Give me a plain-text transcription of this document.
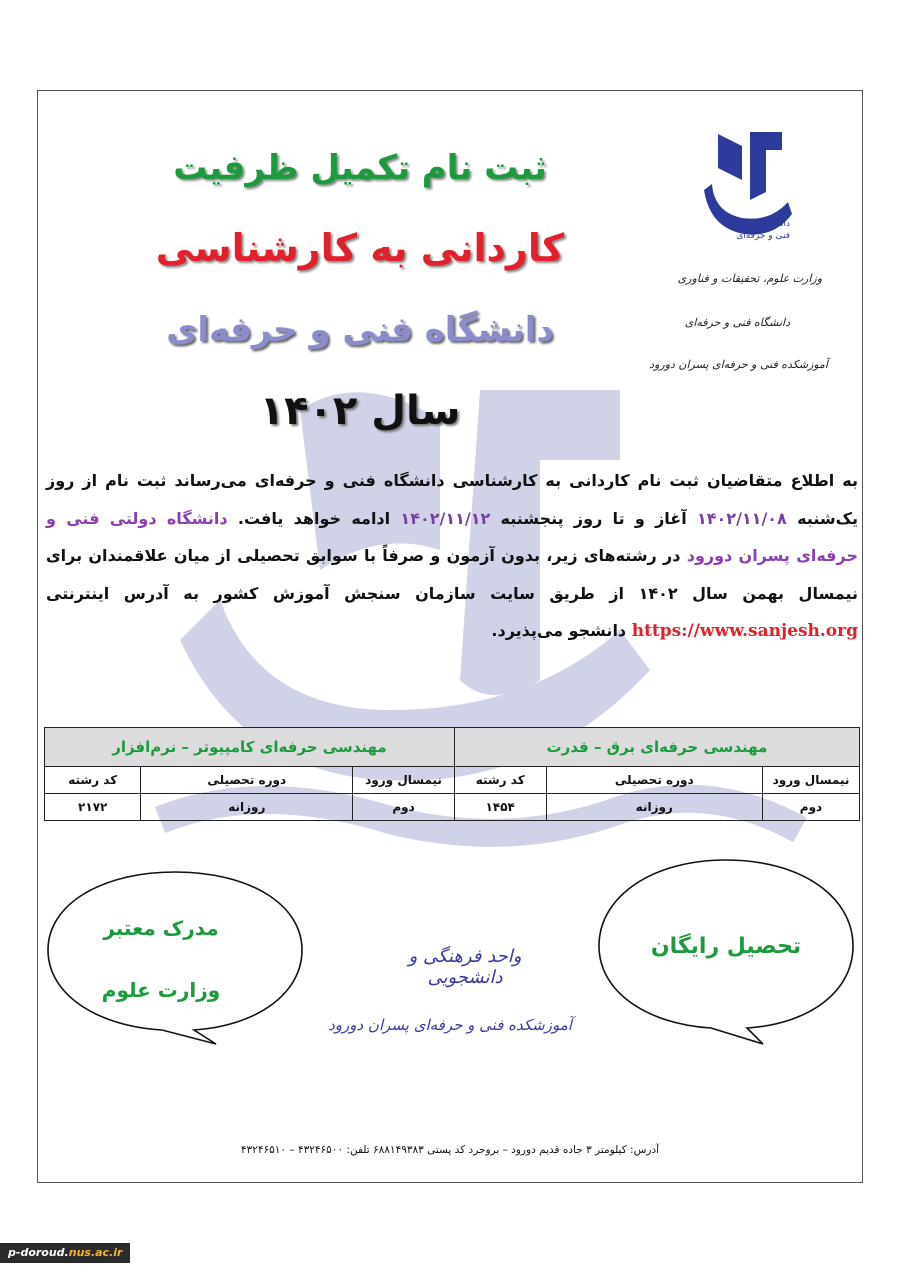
دانشگاه
فنی و حرفه‌ای
وزارت علوم، تحقیقات و فناوری
دانشگاه فنی و حرفه‌ای
آموزشکده فنی و حرفه‌ای پسران دورود
ثبت نام تکمیل ظرفیت
کاردانی به کارشناسی
دانشگاه فنی و حرفه‌ای
سال ۱۴۰۲
به اطلاع متقاضیان ثبت نام کاردانی به کارشناسی دانشگاه فنی و حرفه‌ای می‌رساند ثبت نام از روز یک‌شنبه ۱۴۰۲/۱۱/۰۸ آغاز و تا روز پنجشنبه ۱۴۰۲/۱۱/۱۲ ادامه خواهد یافت. دانشگاه دولتی فنی و حرفه‌ای پسران دورود در رشته‌های زیر، بدون آزمون و صرفاً با سوابق تحصیلی از میان علاقمندان برای نیمسال بهمن سال ۱۴۰۲ از طریق سایت سازمان سنجش آموزش کشور به آدرس اینترنتی https://www.sanjesh.org دانشجو می‌پذیرد.
مهندسی حرفه‌ای برق – قدرت			مهندسی حرفه‌ای کامپیوتر – نرم‌افزار		
نیمسال ورود	دوره تحصیلی	کد رشته	نیمسال ورود	دوره تحصیلی	کد رشته
دوم	روزانه	۱۴۵۴	دوم	روزانه	۲۱۷۲
مدرک معتبر
وزارت علوم
تحصیل رایگان
واحد فرهنگی و دانشجویی
آموزشکده فنی و حرفه‌ای پسران دورود
آدرس: کیلومتر ۳ جاده قدیم دورود – بروجرد کد پستی ۶۸۸۱۴۹۳۸۳ تلفن: ۴۳۲۴۶۵۰۰ – ۴۳۲۴۶۵۱۰
p-doroud.nus.ac.ir
